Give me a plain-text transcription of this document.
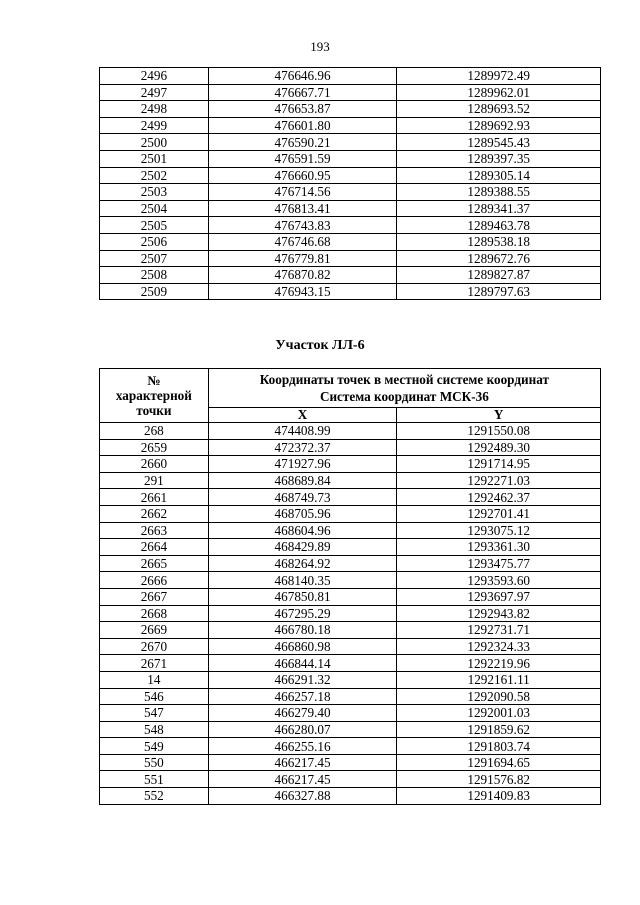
193
2496	476646.96	1289972.49
2497	476667.71	1289962.01
2498	476653.87	1289693.52
2499	476601.80	1289692.93
2500	476590.21	1289545.43
2501	476591.59	1289397.35
2502	476660.95	1289305.14
2503	476714.56	1289388.55
2504	476813.41	1289341.37
2505	476743.83	1289463.78
2506	476746.68	1289538.18
2507	476779.81	1289672.76
2508	476870.82	1289827.87
2509	476943.15	1289797.63
Участок ЛЛ-6
№
характерной
точки	Координаты точек в местной системе координат
Система координат МСК-36	

	X	Y
268	474408.99	1291550.08
2659	472372.37	1292489.30
2660	471927.96	1291714.95
291	468689.84	1292271.03
2661	468749.73	1292462.37
2662	468705.96	1292701.41
2663	468604.96	1293075.12
2664	468429.89	1293361.30
2665	468264.92	1293475.77
2666	468140.35	1293593.60
2667	467850.81	1293697.97
2668	467295.29	1292943.82
2669	466780.18	1292731.71
2670	466860.98	1292324.33
2671	466844.14	1292219.96
14	466291.32	1292161.11
546	466257.18	1292090.58
547	466279.40	1292001.03
548	466280.07	1291859.62
549	466255.16	1291803.74
550	466217.45	1291694.65
551	466217.45	1291576.82
552	466327.88	1291409.83
